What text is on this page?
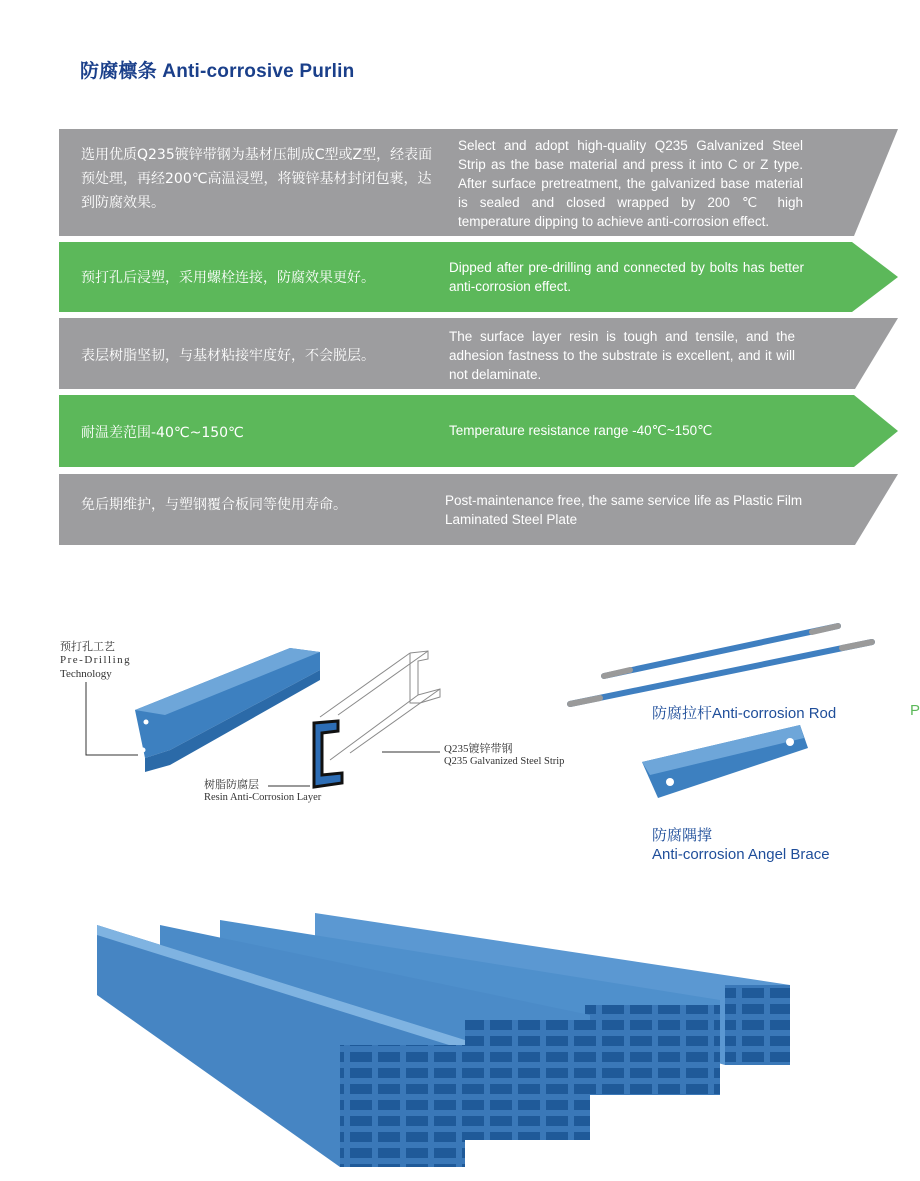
防腐檩条 Anti-corrosive Purlin
选用优质Q235镀锌带钢为基材压制成C型或Z型，经表面预处理，再经200℃高温浸塑，将镀锌基材封闭包裹，达到防腐效果。
Select and adopt high-quality Q235 Galvanized Steel Strip as the base material and press it into C or Z type. After surface pretreatment, the galvanized base material is sealed and closed wrapped by 200 ℃ high temperature dipping to achieve anti-corrosion effect.
预打孔后浸塑，采用螺栓连接，防腐效果更好。
Dipped after pre-drilling and connected by bolts has better anti-corrosion effect.
表层树脂坚韧，与基材粘接牢度好，不会脱层。
The surface layer resin is tough and tensile, and the adhesion fastness to the substrate is excellent, and it will not delaminate.
耐温差范围-40℃~150℃	Temperature resistance range -40℃~150℃
免后期维护，与塑钢覆合板同等使用寿命。	Post-maintenance free, the same service life as Plastic Film Laminated Steel Plate
预打孔工艺
Pre-Drilling
Technology
Q235镀锌带钢
Q235 Galvanized Steel Strip
树脂防腐层
Resin Anti-Corrosion Layer
防腐拉杆Anti-corrosion Rod	P
防腐隅撑
Anti-corrosion Angel Brace
